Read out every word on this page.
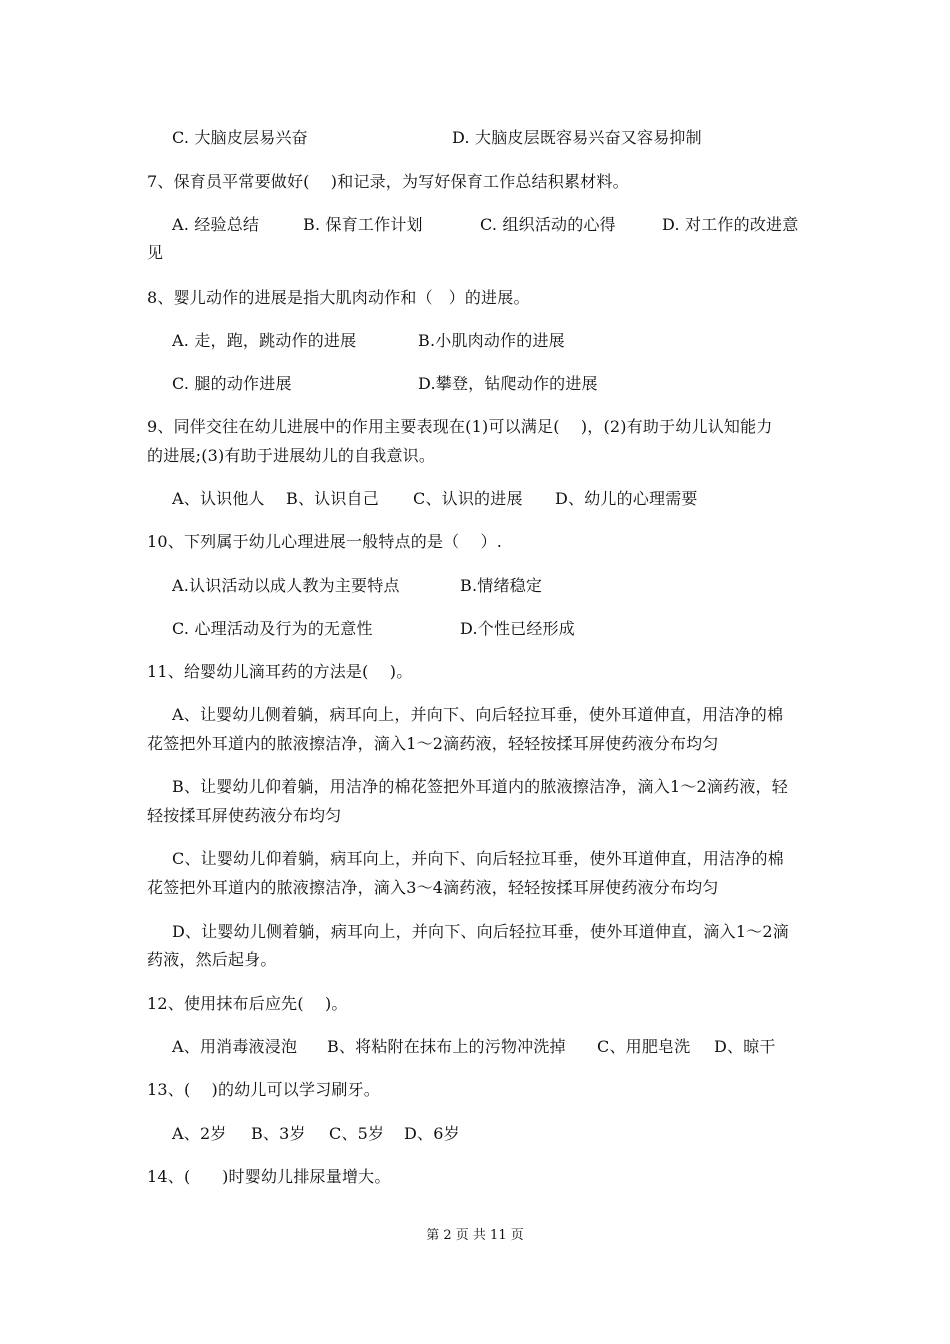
C. 大脑皮层易兴奋	D. 大脑皮层既容易兴奋又容易抑制
7、保育员平常要做好(    )和记录，为写好保育工作总结积累材料。
A. 经验总结	B. 保育工作计划	C. 组织活动的心得	D. 对工作的改进意
见
8、婴儿动作的进展是指大肌肉动作和（   ）的进展。
A. 走，跑，跳动作的进展	B.小肌肉动作的进展
C. 腿的动作进展	D.攀登，钻爬动作的进展
9、同伴交往在幼儿进展中的作用主要表现在(1)可以满足(    )，(2)有助于幼儿认知能力
的进展;(3)有助于进展幼儿的自我意识。
A、认识他人 B、认识自己 C、认识的进展 D、幼儿的心理需要
10、下列属于幼儿心理进展一般特点的是（    ）.
A.认识活动以成人教为主要特点	B.情绪稳定
C. 心理活动及行为的无意性	D.个性已经形成
11、给婴幼儿滴耳药的方法是(    )。
A、让婴幼儿侧着躺，病耳向上，并向下、向后轻拉耳垂，使外耳道伸直，用洁净的棉
花签把外耳道内的脓液擦洁净，滴入1～2滴药液，轻轻按揉耳屏使药液分布均匀
B、让婴幼儿仰着躺，用洁净的棉花签把外耳道内的脓液擦洁净，滴入1～2滴药液，轻
轻按揉耳屏使药液分布均匀
C、让婴幼儿仰着躺，病耳向上，并向下、向后轻拉耳垂，使外耳道伸直，用洁净的棉
花签把外耳道内的脓液擦洁净，滴入3～4滴药液，轻轻按揉耳屏使药液分布均匀
D、让婴幼儿侧着躺，病耳向上，并向下、向后轻拉耳垂，使外耳道伸直，滴入1～2滴
药液，然后起身。
12、使用抹布后应先(    )。
A、用消毒液浸泡 B、将粘附在抹布上的污物冲洗掉 C、用肥皂洗 D、晾干
13、(    )的幼儿可以学习刷牙。
A、2岁 B、3岁 C、5岁 D、6岁
14、(      )时婴幼儿排尿量增大。
第 2 页 共 11 页
